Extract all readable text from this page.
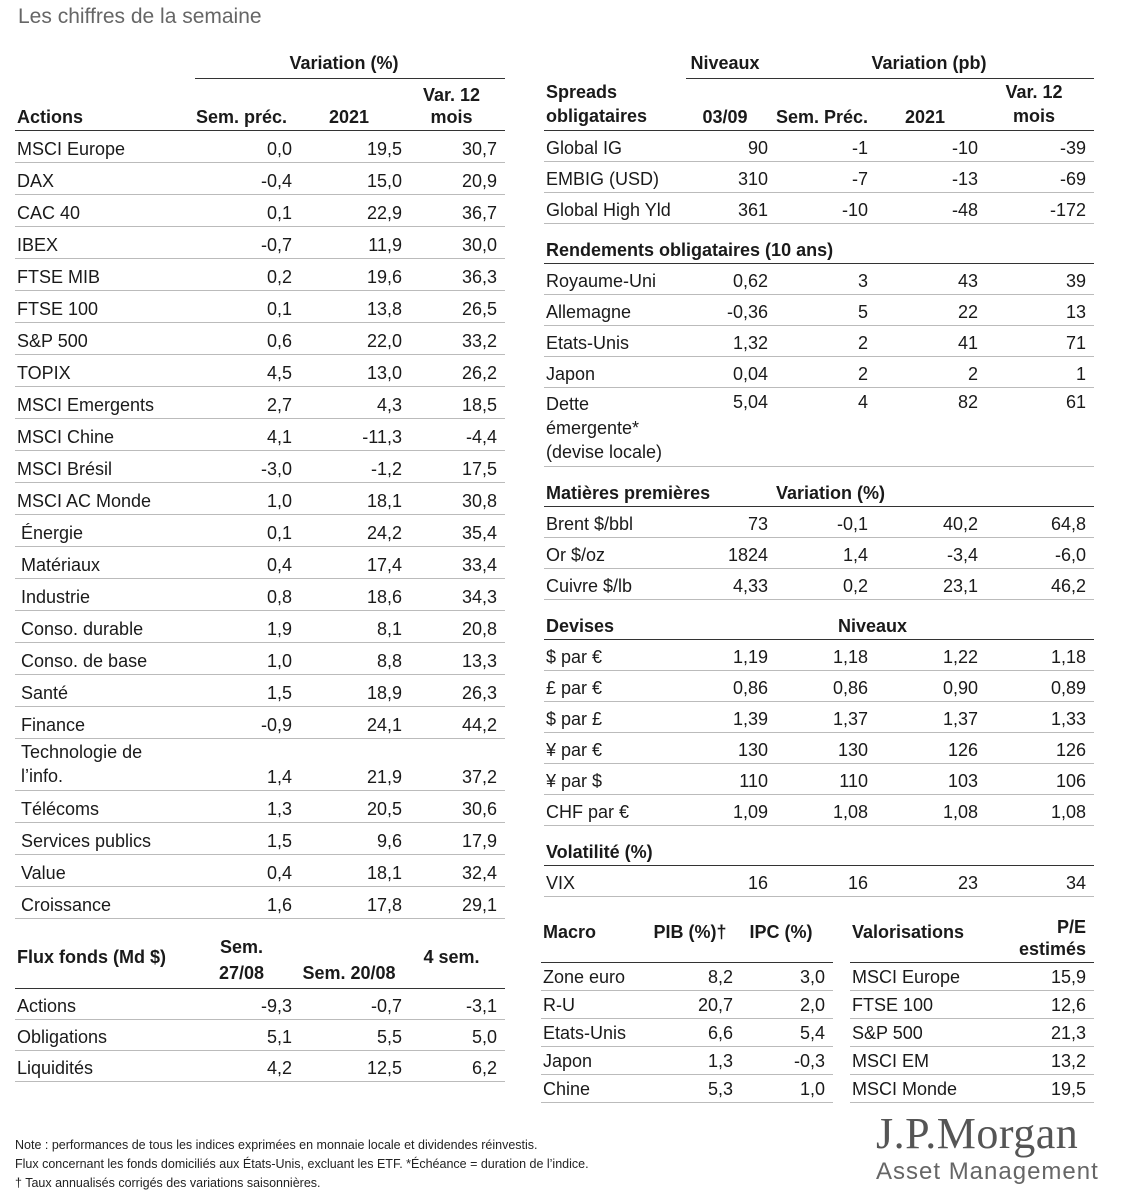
Les chiffres de la semaine
	Variation (%)		
Actions	Sem. préc.	2021	Var. 12 mois
MSCI Europe	0,0	19,5	30,7
DAX	-0,4	15,0	20,9
CAC 40	0,1	22,9	36,7
IBEX	-0,7	11,9	30,0
FTSE MIB	0,2	19,6	36,3
FTSE 100	0,1	13,8	26,5
S&P 500	0,6	22,0	33,2
TOPIX	4,5	13,0	26,2
MSCI Emergents	2,7	4,3	18,5
MSCI Chine	4,1	-11,3	-4,4
MSCI Brésil	-3,0	-1,2	17,5
MSCI AC Monde	1,0	18,1	30,8
Énergie	0,1	24,2	35,4
Matériaux	0,4	17,4	33,4
Industrie	0,8	18,6	34,3
Conso. durable	1,9	8,1	20,8
Conso. de base	1,0	8,8	13,3
Santé	1,5	18,9	26,3
Finance	-0,9	24,1	44,2
Technologie de l’info.	1,4	21,9	37,2
Télécoms	1,3	20,5	30,6
Services publics	1,5	9,6	17,9
Value	0,4	18,1	32,4
Croissance	1,6	17,8	29,1
Flux fonds (Md $)	Sem. 27/08	Sem. 20/08	4 sem.
Actions	-9,3	-0,7	-3,1
Obligations	5,1	5,5	5,0
Liquidités	4,2	12,5	6,2
	Niveaux	Variation (pb)		
Spreads obligataires	03/09	Sem. Préc.	2021	Var. 12 mois
Global IG	90	-1	-10	-39
EMBIG (USD)	310	-7	-13	-69
Global High Yld	361	-10	-48	-172
Rendements obligataires (10 ans)				
Royaume-Uni	0,62	3	43	39
Allemagne	-0,36	5	22	13
Etats-Unis	1,32	2	41	71
Japon	0,04	2	2	1
Dette émergente* (devise locale)	5,04	4	82	61
Matières premières		Variation (%)		
Brent $/bbl	73	-0,1	40,2	64,8
Or $/oz	1824	1,4	-3,4	-6,0
Cuivre $/lb	4,33	0,2	23,1	46,2
Devises		Niveaux		
$ par €	1,19	1,18	1,22	1,18
£ par €	0,86	0,86	0,90	0,89
$ par £	1,39	1,37	1,37	1,33
¥ par €	130	130	126	126
¥ par $	110	110	103	106
CHF par €	1,09	1,08	1,08	1,08
Volatilité (%)				
VIX	16	16	23	34
Macro	PIB (%)†	IPC (%)
Zone euro	8,2	3,0
R-U	20,7	2,0
Etats-Unis	6,6	5,4
Japon	1,3	-0,3
Chine	5,3	1,0
Valorisations	P/E estimés
MSCI Europe	15,9
FTSE 100	12,6
S&P 500	21,3
MSCI EM	13,2
MSCI Monde	19,5
Note : performances de tous les indices exprimées en monnaie locale et dividendes réinvestis.
Flux concernant les fonds domiciliés aux États-Unis, excluant les ETF. *Échéance = duration de l’indice.
† Taux annualisés corrigés des variations saisonnières.
J.P.Morgan
Asset Management
